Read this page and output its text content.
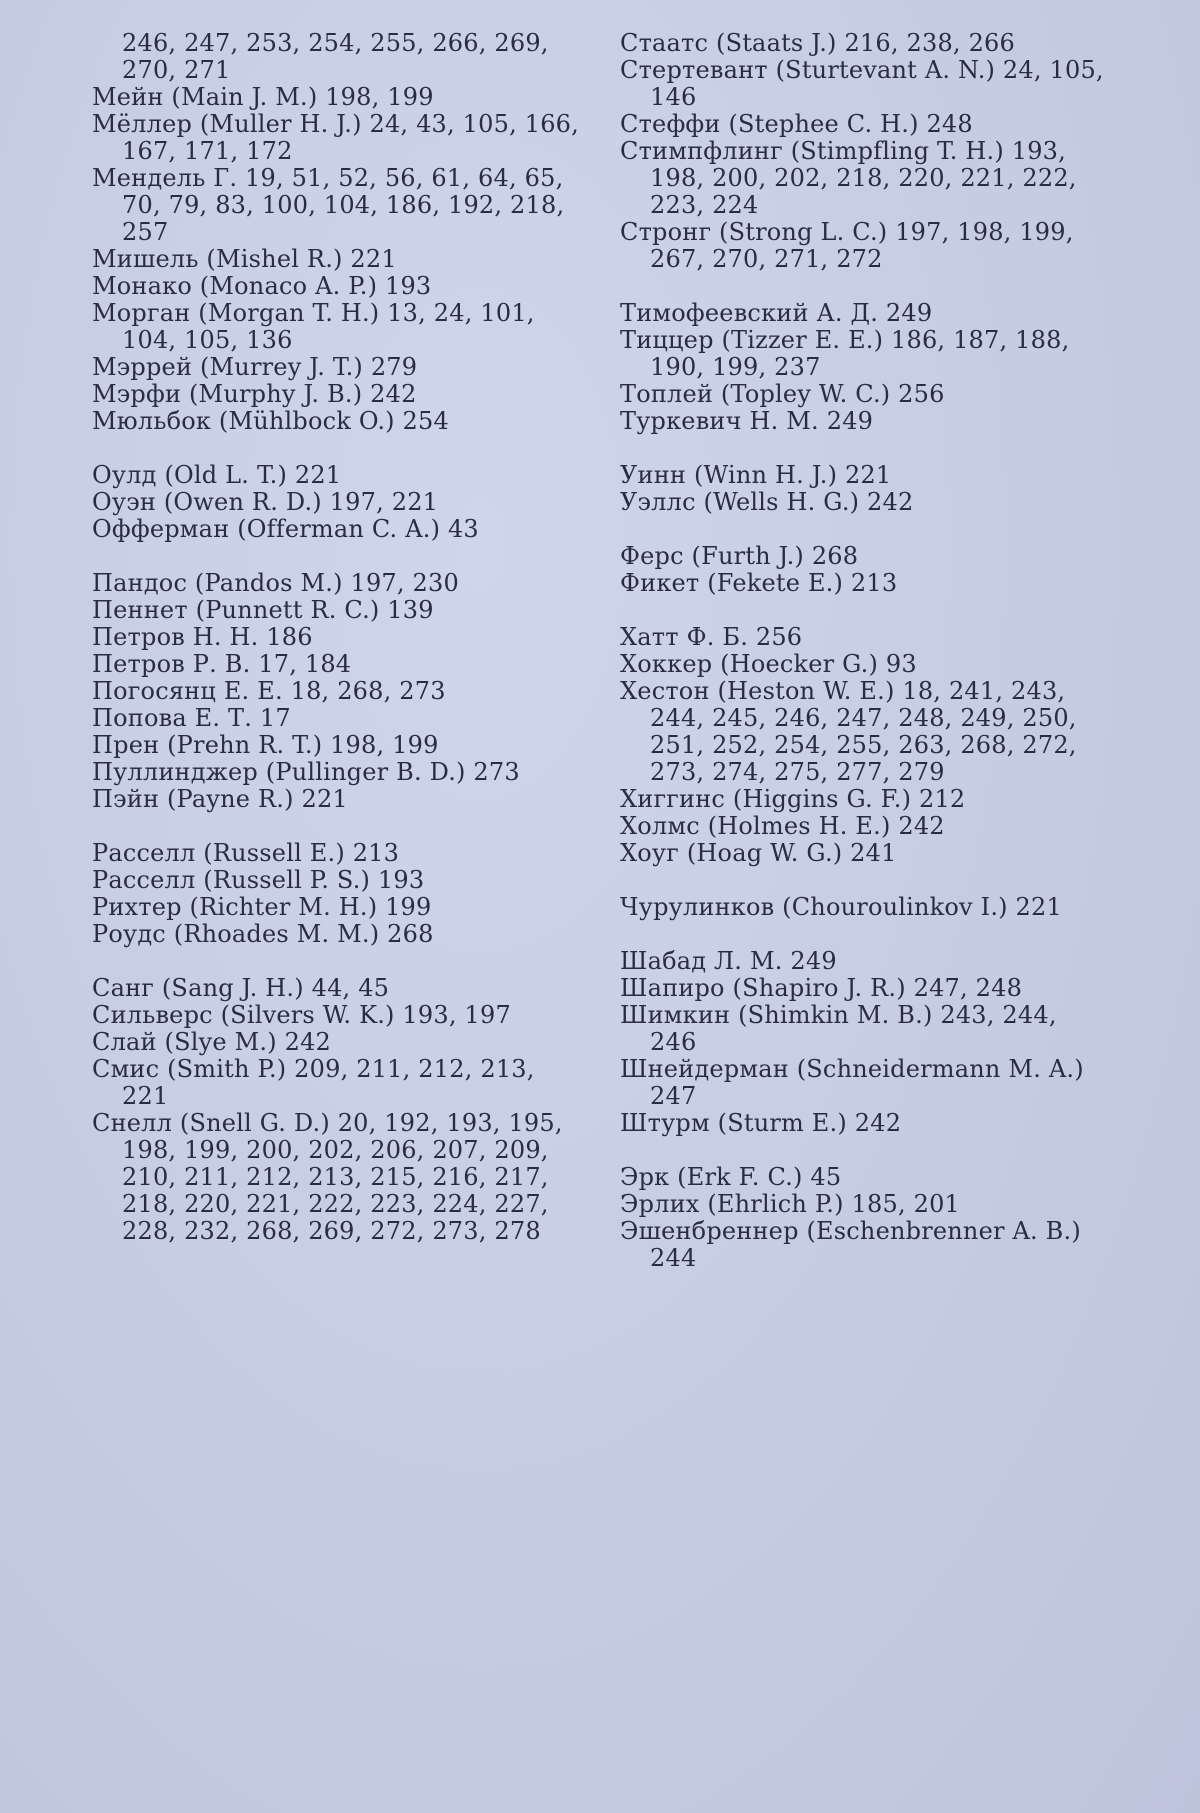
246, 247, 253, 254, 255, 266, 269, 270, 271

Мейн (Main J. M.) 198, 199

Мёллер (Muller H. J.) 24, 43, 105, 166, 167, 171, 172

Мендель Г. 19, 51, 52, 56, 61, 64, 65, 70, 79, 83, 100, 104, 186, 192, 218, 257

Мишель (Mishel R.) 221

Монако (Monaco A. P.) 193

Морган (Morgan T. H.) 13, 24, 101, 104, 105, 136

Мэррей (Murrey J. T.) 279

Мэрфи (Murphy J. B.) 242

Мюльбок (Mühlbock O.) 254

Оулд (Old L. T.) 221

Оуэн (Owen R. D.) 197, 221

Офферман (Offerman C. A.) 43

Пандос (Pandos M.) 197, 230

Пеннет (Punnett R. C.) 139

Петров Н. Н. 186

Петров Р. В. 17, 184

Погосянц Е. Е. 18, 268, 273

Попова Е. Т. 17

Прен (Prehn R. T.) 198, 199

Пуллинджер (Pullinger B. D.) 273

Пэйн (Payne R.) 221

Расселл (Russell E.) 213

Расселл (Russell P. S.) 193

Рихтер (Richter M. H.) 199

Роудс (Rhoades M. M.) 268

Санг (Sang J. H.) 44, 45

Сильверс (Silvers W. K.) 193, 197

Слай (Slye M.) 242

Смис (Smith P.) 209, 211, 212, 213, 221

Снелл (Snell G. D.) 20, 192, 193, 195, 198, 199, 200, 202, 206, 207, 209, 210, 211, 212, 213, 215, 216, 217, 218, 220, 221, 222, 223, 224, 227, 228, 232, 268, 269, 272, 273, 278

Стаатс (Staats J.) 216, 238, 266

Стертевант (Sturtevant A. N.) 24, 105, 146

Стеффи (Stephee C. H.) 248

Стимпфлинг (Stimpfling T. H.) 193, 198, 200, 202, 218, 220, 221, 222, 223, 224

Стронг (Strong L. C.) 197, 198, 199, 267, 270, 271, 272

Тимофеевский А. Д. 249

Тиццер (Tizzer E. E.) 186, 187, 188, 190, 199, 237

Топлей (Topley W. C.) 256

Туркевич Н. М. 249

Уинн (Winn H. J.) 221

Уэллс (Wells H. G.) 242

Ферс (Furth J.) 268

Фикет (Fekete E.) 213

Хатт Ф. Б. 256

Хоккер (Hoecker G.) 93

Хестон (Heston W. E.) 18, 241, 243, 244, 245, 246, 247, 248, 249, 250, 251, 252, 254, 255, 263, 268, 272, 273, 274, 275, 277, 279

Хиггинс (Higgins G. F.) 212

Холмс (Holmes H. E.) 242

Хоуг (Hoag W. G.) 241

Чурулинков (Chouroulinkov I.) 221

Шабад Л. М. 249

Шапиро (Shapiro J. R.) 247, 248

Шимкин (Shimkin M. B.) 243, 244, 246

Шнейдерман (Schneidermann M. A.) 247

Штурм (Sturm E.) 242

Эрк (Erk F. C.) 45

Эрлих (Ehrlich P.) 185, 201

Эшенбреннер (Eschenbrenner A. B.) 244
